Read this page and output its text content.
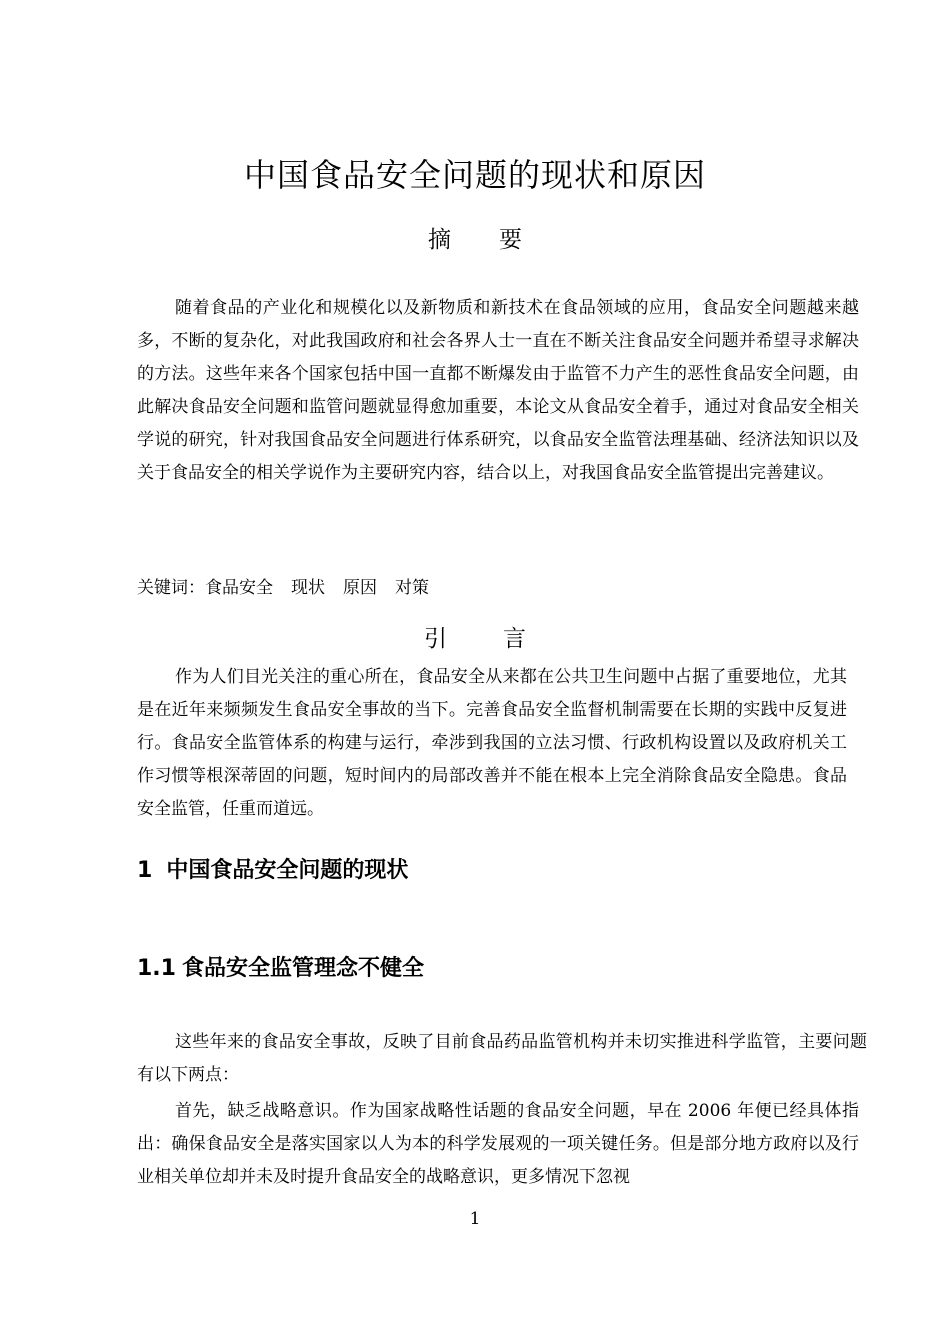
中国食品安全问题的现状和原因
摘要
随着食品的产业化和规模化以及新物质和新技术在食品领域的应用，食品安全问题越来越多，不断的复杂化，对此我国政府和社会各界人士一直在不断关注食品安全问题并希望寻求解决的方法。这些年来各个国家包括中国一直都不断爆发由于监管不力产生的恶性食品安全问题，由此解决食品安全问题和监管问题就显得愈加重要，本论文从食品安全着手，通过对食品安全相关学说的研究，针对我国食品安全问题进行体系研究，以食品安全监管法理基础、经济法知识以及关于食品安全的相关学说作为主要研究内容，结合以上，对我国食品安全监管提出完善建议。
关键词：食品安全 现状 原因 对策
引言
作为人们目光关注的重心所在，食品安全从来都在公共卫生问题中占据了重要地位，尤其是在近年来频频发生食品安全事故的当下。完善食品安全监督机制需要在长期的实践中反复进行。食品安全监管体系的构建与运行，牵涉到我国的立法习惯、行政机构设置以及政府机关工作习惯等根深蒂固的问题，短时间内的局部改善并不能在根本上完全消除食品安全隐患。食品安全监管，任重而道远。
1 中国食品安全问题的现状
1.1 食品安全监管理念不健全
这些年来的食品安全事故，反映了目前食品药品监管机构并未切实推进科学监管，主要问题有以下两点：
首先，缺乏战略意识。作为国家战略性话题的食品安全问题，早在 2006 年便已经具体指出：确保食品安全是落实国家以人为本的科学发展观的一项关键任务。但是部分地方政府以及行业相关单位却并未及时提升食品安全的战略意识，更多情况下忽视
1
